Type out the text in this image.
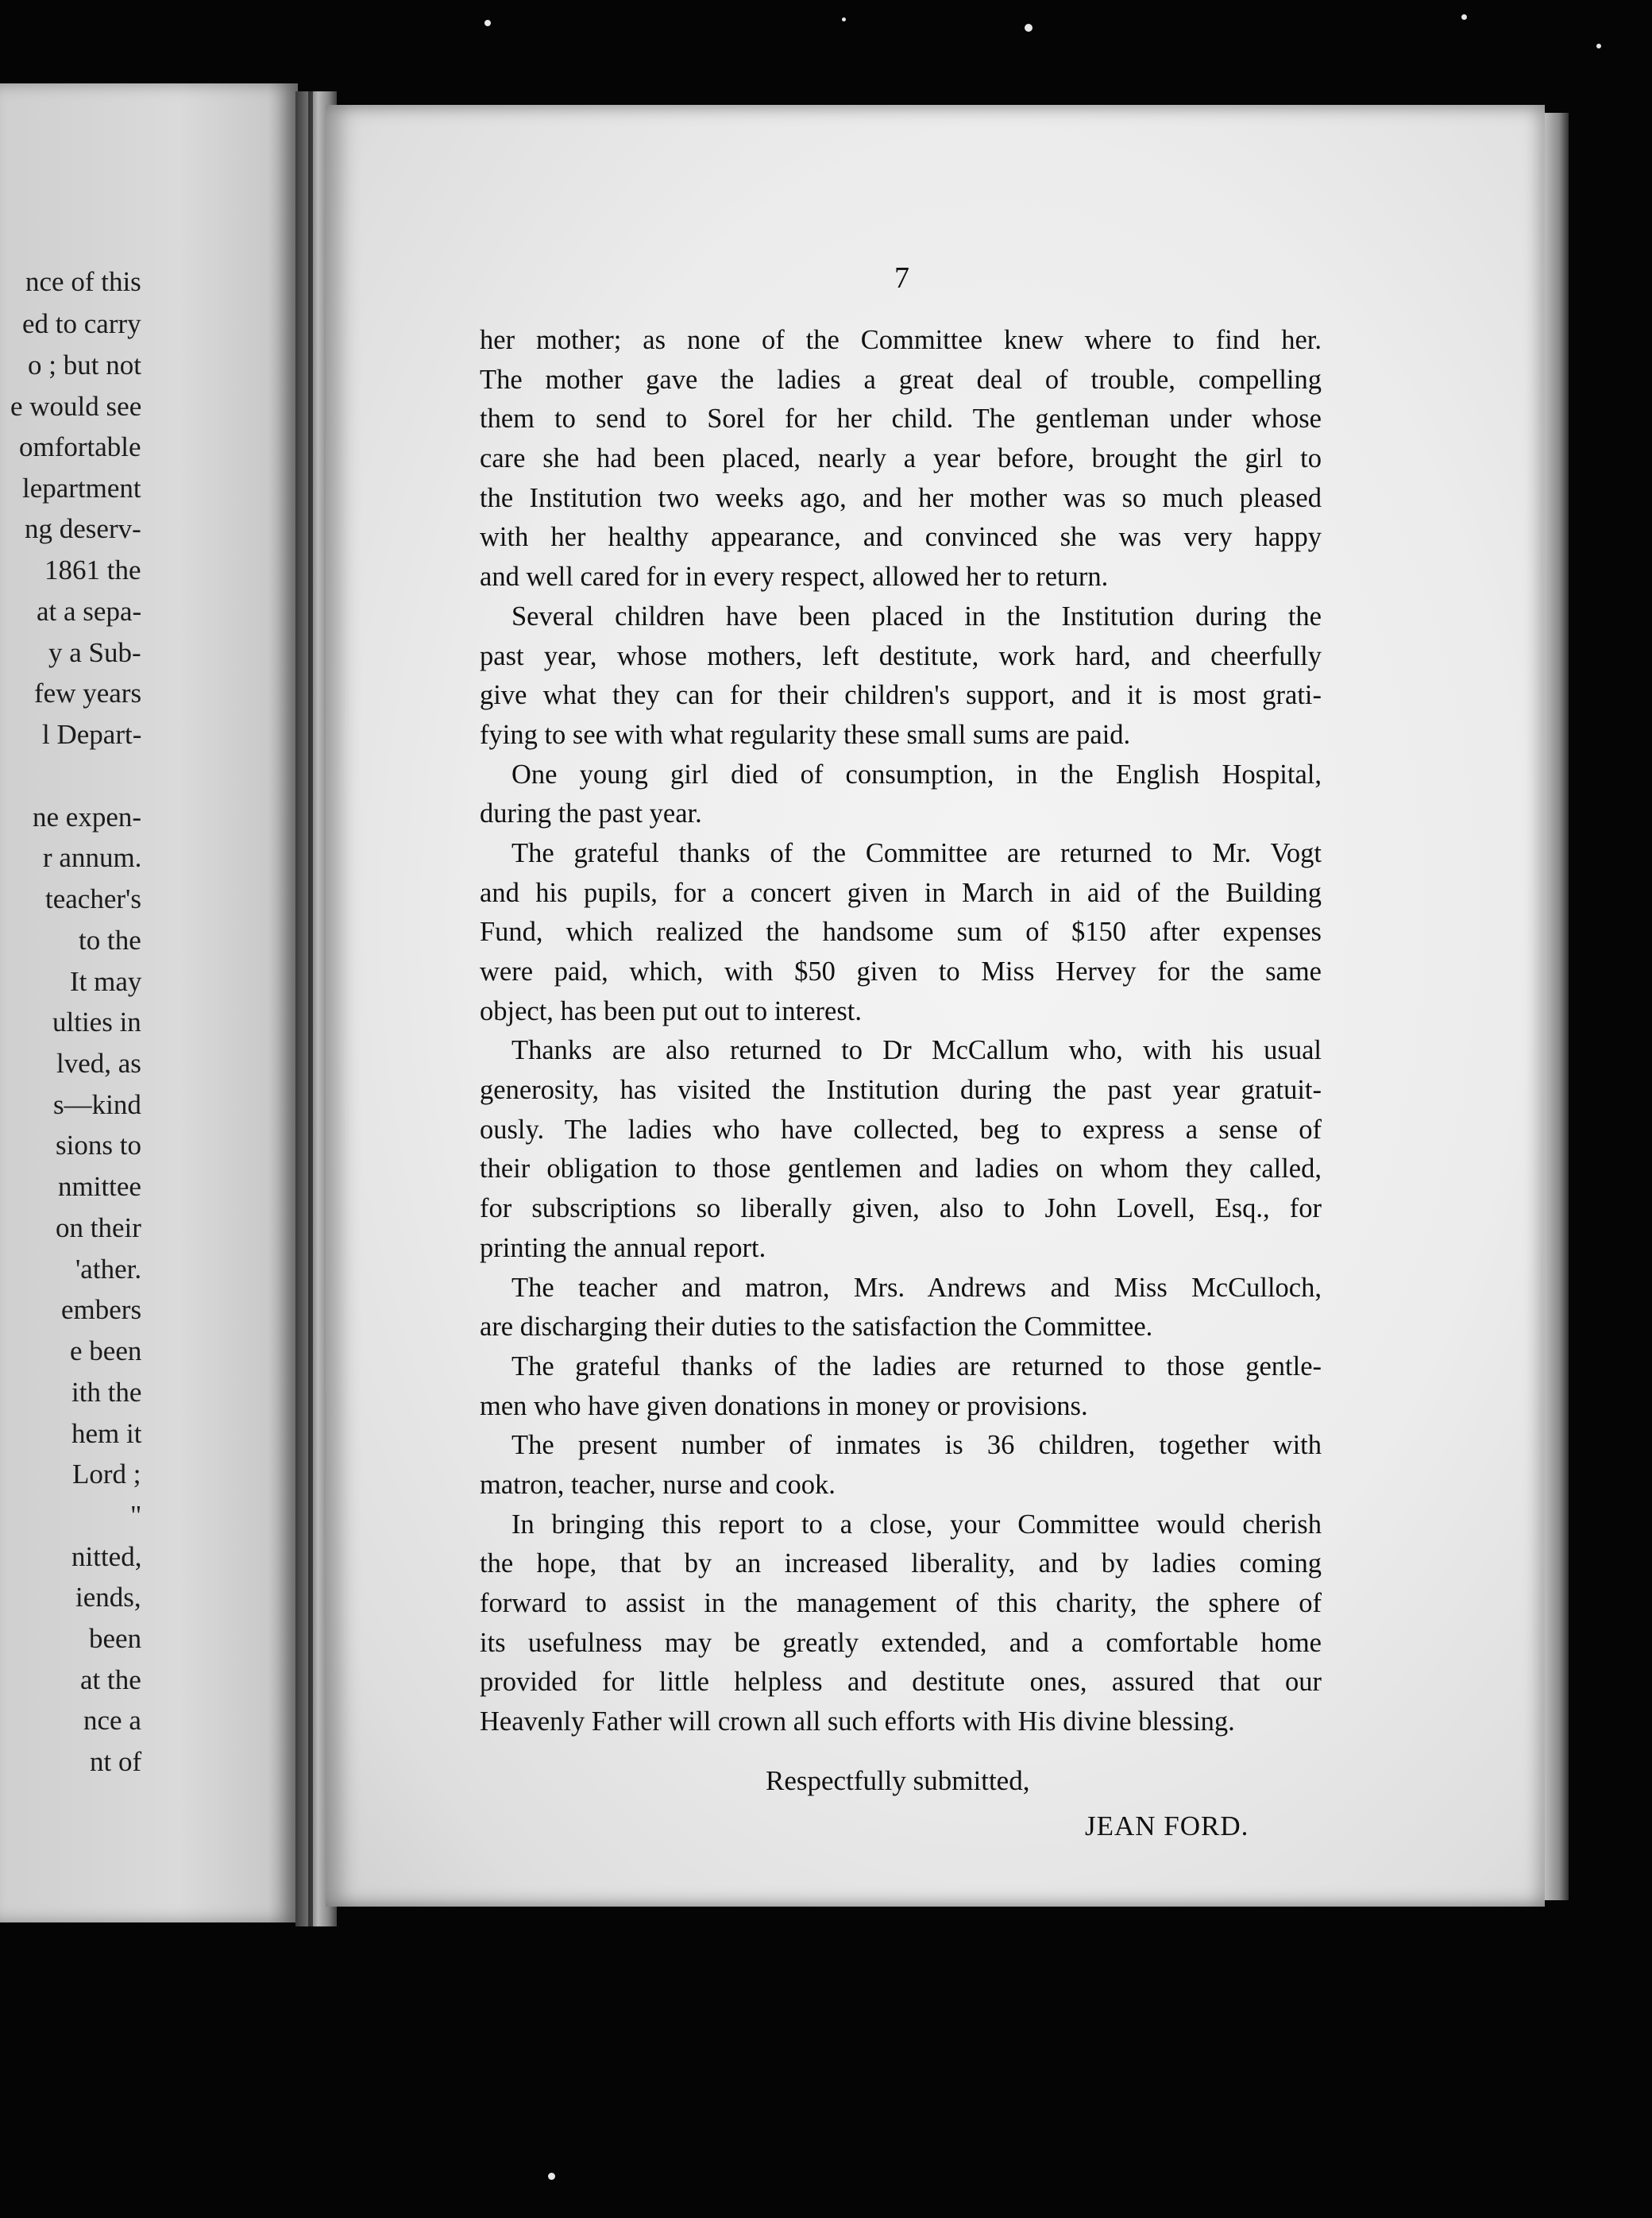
nce of this
ed to carry
o ; but not
e would see
omfortable
lepartment
ng deserv-
1861 the
at a sepa-
y a Sub-
few years
l Depart-
ne expen-
r annum.
teacher's
to the
It may
ulties in
lved, as
s—kind
sions to
nmittee
on their
'ather.
embers
e been
ith the
hem it
Lord ;
"
nitted,
iends,
been
at the
nce a
nt of
7
her mother; as none of the Committee knew where to find her.
The mother gave the ladies a great deal of trouble, compelling
them to send to Sorel for her child. The gentleman under whose
care she had been placed, nearly a year before, brought the girl to
the Institution two weeks ago, and her mother was so much pleased
with her healthy appearance, and convinced she was very happy
and well cared for in every respect, allowed her to return.
Several children have been placed in the Institution during the
past year, whose mothers, left destitute, work hard, and cheerfully
give what they can for their children's support, and it is most grati-
fying to see with what regularity these small sums are paid.
One young girl died of consumption, in the English Hospital,
during the past year.
The grateful thanks of the Committee are returned to Mr. Vogt
and his pupils, for a concert given in March in aid of the Building
Fund, which realized the handsome sum of $150 after expenses
were paid, which, with $50 given to Miss Hervey for the same
object, has been put out to interest.
Thanks are also returned to Dr McCallum who, with his usual
generosity, has visited the Institution during the past year gratuit-
ously. The ladies who have collected, beg to express a sense of
their obligation to those gentlemen and ladies on whom they called,
for subscriptions so liberally given, also to John Lovell, Esq., for
printing the annual report.
The teacher and matron, Mrs. Andrews and Miss McCulloch,
are discharging their duties to the satisfaction the Committee.
The grateful thanks of the ladies are returned to those gentle-
men who have given donations in money or provisions.
The present number of inmates is 36 children, together with
matron, teacher, nurse and cook.
In bringing this report to a close, your Committee would cherish
the hope, that by an increased liberality, and by ladies coming
forward to assist in the management of this charity, the sphere of
its usefulness may be greatly extended, and a comfortable home
provided for little helpless and destitute ones, assured that our
Heavenly Father will crown all such efforts with His divine blessing.
Respectfully submitted,
JEAN FORD.
